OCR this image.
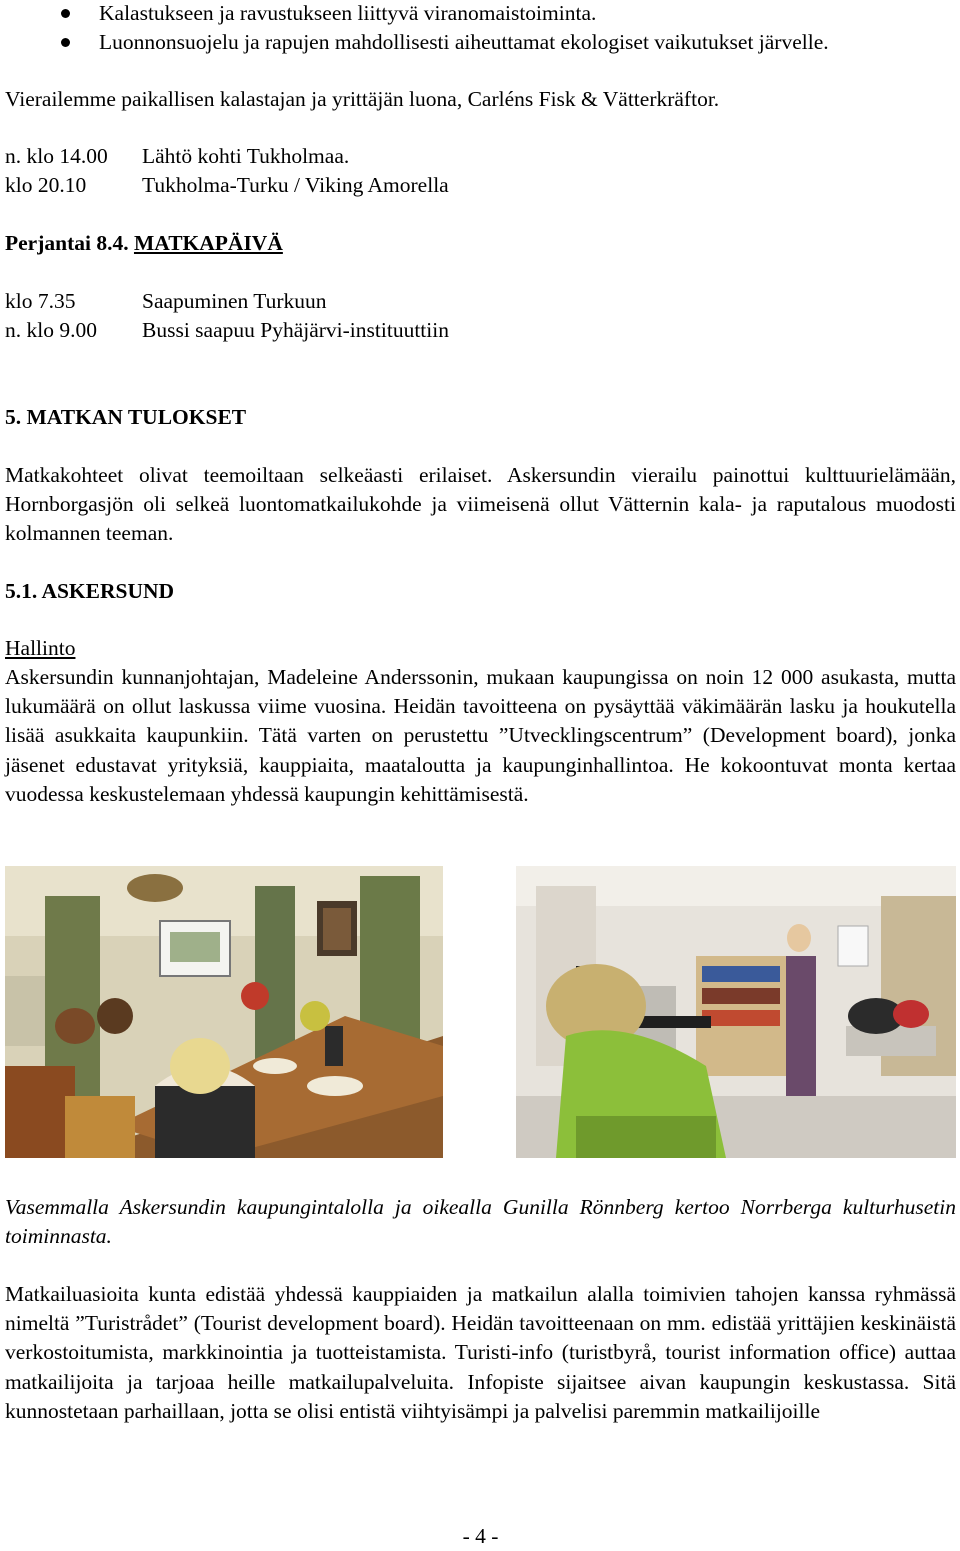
Kalastukseen ja ravustukseen liittyvä viranomaistoiminta.
Luonnonsuojelu ja rapujen mahdollisesti aiheuttamat ekologiset vaikutukset järvelle.
Vierailemme paikallisen kalastajan ja yrittäjän luona, Carléns Fisk & Vätterkräftor.
n. klo 14.00 Lähtö kohti Tukholmaa.
klo 20.10	Tukholma-Turku / Viking Amorella
Perjantai 8.4. MATKAPÄIVÄ
klo 7.35	Saapuminen Turkuun
n. klo 9.00 Bussi saapuu Pyhäjärvi-instituuttiin
5. MATKAN TULOKSET
Matkakohteet olivat teemoiltaan selkeäasti erilaiset. Askersundin vierailu painottui kulttuurielämään, Hornborgasjön oli selkeä luontomatkailukohde ja viimeisenä ollut Vätternin kala- ja raputalous muodosti kolmannen teeman.
5.1. ASKERSUND
Hallinto
Askersundin kunnanjohtajan, Madeleine Anderssonin, mukaan kaupungissa on noin 12 000 asukasta, mutta lukumäärä on ollut laskussa viime vuosina. Heidän tavoitteena on pysäyttää väkimäärän lasku ja houkutella lisää asukkaita kaupunkiin. Tätä varten on perustettu ”Utvecklingscentrum” (Development board), jonka jäsenet edustavat yrityksiä, kauppiaita, maataloutta ja kaupunginhallintoa. He kokoontuvat monta kertaa vuodessa keskustelemaan yhdessä kaupungin kehittämisestä.
Vasemmalla Askersundin kaupungintalolla ja oikealla Gunilla Rönnberg kertoo Norrberga kulturhusetin toiminnasta.
Matkailuasioita kunta edistää yhdessä kauppiaiden ja matkailun alalla toimivien tahojen kanssa ryhmässä nimeltä ”Turistrådet” (Tourist development board). Heidän tavoitteenaan on mm. edistää yrittäjien keskinäistä verkostoitumista, markkinointia ja tuotteistamista. Turisti-info (turistbyrå, tourist information office) auttaa matkailijoita ja tarjoaa heille matkailupalveluita. Infopiste sijaitsee aivan kaupungin keskustassa. Sitä kunnostetaan parhaillaan, jotta se olisi entistä viihtyisämpi ja palvelisi paremmin matkailijoille
- 4 -
